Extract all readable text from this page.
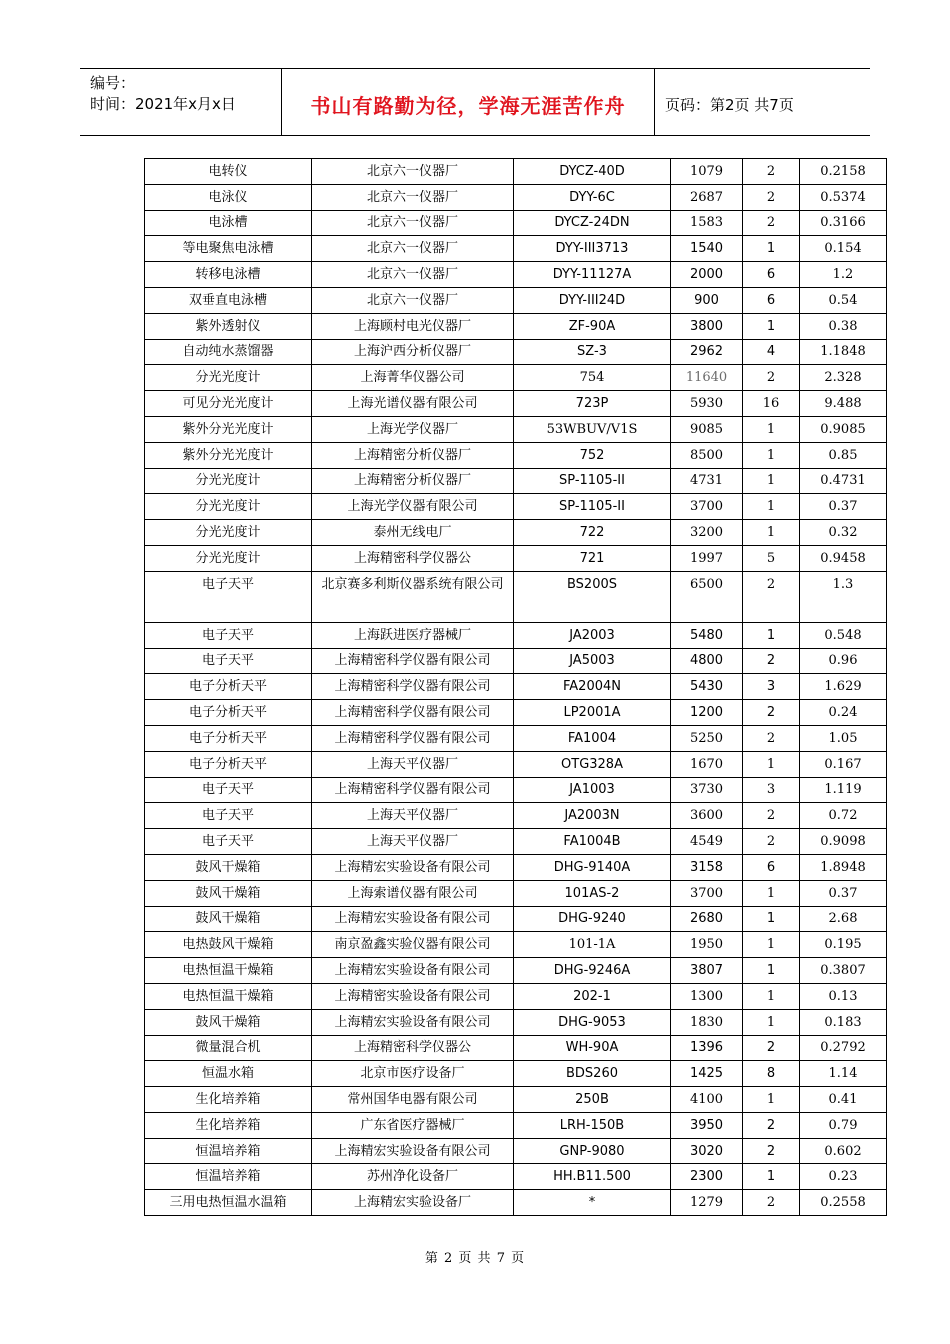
编号：
时间：2021年x月x日	书山有路勤为径，学海无涯苦作舟	页码：第2页 共7页
电转仪	北京六一仪器厂	DYCZ-40D	1079	2	0.2158
电泳仪	北京六一仪器厂	DYY-6C	2687	2	0.5374
电泳槽	北京六一仪器厂	DYCZ-24DN	1583	2	0.3166
等电聚焦电泳槽	北京六一仪器厂	DYY-III3713	1540	1	0.154
转移电泳槽	北京六一仪器厂	DYY-11127A	2000	6	1.2
双垂直电泳槽	北京六一仪器厂	DYY-III24D	900	6	0.54
紫外透射仪	上海顾村电光仪器厂	ZF-90A	3800	1	0.38
自动纯水蒸馏器	上海沪西分析仪器厂	SZ-3	2962	4	1.1848
分光光度计	上海菁华仪器公司	754	11640	2	2.328
可见分光光度计	上海光谱仪器有限公司	723P	5930	16	9.488
紫外分光光度计	上海光学仪器厂	53WBUV/V1S	9085	1	0.9085
紫外分光光度计	上海精密分析仪器厂	752	8500	1	0.85
分光光度计	上海精密分析仪器厂	SP-1105-II	4731	1	0.4731
分光光度计	上海光学仪器有限公司	SP-1105-II	3700	1	0.37
分光光度计	泰州无线电厂	722	3200	1	0.32
分光光度计	上海精密科学仪器公	721	1997	5	0.9458
电子天平	北京赛多利斯仪器系统有限公司	BS200S	6500	2	1.3
电子天平	上海跃进医疗器械厂	JA2003	5480	1	0.548
电子天平	上海精密科学仪器有限公司	JA5003	4800	2	0.96
电子分析天平	上海精密科学仪器有限公司	FA2004N	5430	3	1.629
电子分析天平	上海精密科学仪器有限公司	LP2001A	1200	2	0.24
电子分析天平	上海精密科学仪器有限公司	FA1004	5250	2	1.05
电子分析天平	上海天平仪器厂	OTG328A	1670	1	0.167
电子天平	上海精密科学仪器有限公司	JA1003	3730	3	1.119
电子天平	上海天平仪器厂	JA2003N	3600	2	0.72
电子天平	上海天平仪器厂	FA1004B	4549	2	0.9098
鼓风干燥箱	上海精宏实验设备有限公司	DHG-9140A	3158	6	1.8948
鼓风干燥箱	上海索谱仪器有限公司	101AS-2	3700	1	0.37
鼓风干燥箱	上海精宏实验设备有限公司	DHG-9240	2680	1	2.68
电热鼓风干燥箱	南京盈鑫实验仪器有限公司	101-1A	1950	1	0.195
电热恒温干燥箱	上海精宏实验设备有限公司	DHG-9246A	3807	1	0.3807
电热恒温干燥箱	上海精密实验设备有限公司	202-1	1300	1	0.13
鼓风干燥箱	上海精宏实验设备有限公司	DHG-9053	1830	1	0.183
微量混合机	上海精密科学仪器公	WH-90A	1396	2	0.2792
恒温水箱	北京市医疗设备厂	BDS260	1425	8	1.14
生化培养箱	常州国华电器有限公司	250B	4100	1	0.41
生化培养箱	广东省医疗器械厂	LRH-150B	3950	2	0.79
恒温培养箱	上海精宏实验设备有限公司	GNP-9080	3020	2	0.602
恒温培养箱	苏州净化设备厂	HH.B11.500	2300	1	0.23
三用电热恒温水温箱	上海精宏实验设备厂	*	1279	2	0.2558
第 2 页 共 7 页
